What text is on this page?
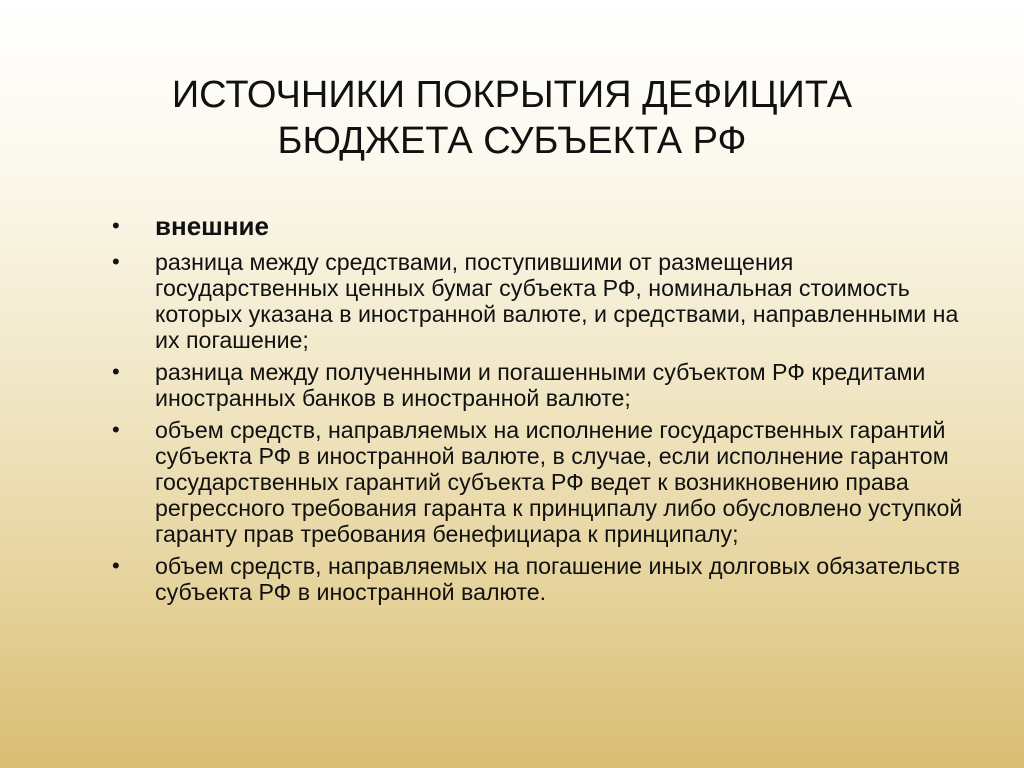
ИСТОЧНИКИ ПОКРЫТИЯ ДЕФИЦИТА
БЮДЖЕТА СУБЪЕКТА РФ
• внешние
• разница между средствами, поступившими от размещения государственных ценных бумаг субъекта РФ, номинальная стоимость которых указана в иностранной валюте, и средствами, направленными на их погашение;
• разница между полученными и погашенными субъектом РФ кредитами иностранных банков в иностранной валюте;
• объем средств, направляемых на исполнение государственных гарантий субъекта РФ в иностранной валюте, в случае, если исполнение гарантом государственных гарантий субъекта РФ ведет к возникновению права регрессного требования гаранта к принципалу либо обусловлено уступкой гаранту прав требования бенефициара к принципалу;
• объем средств, направляемых на погашение иных долговых обязательств субъекта РФ в иностранной валюте.
